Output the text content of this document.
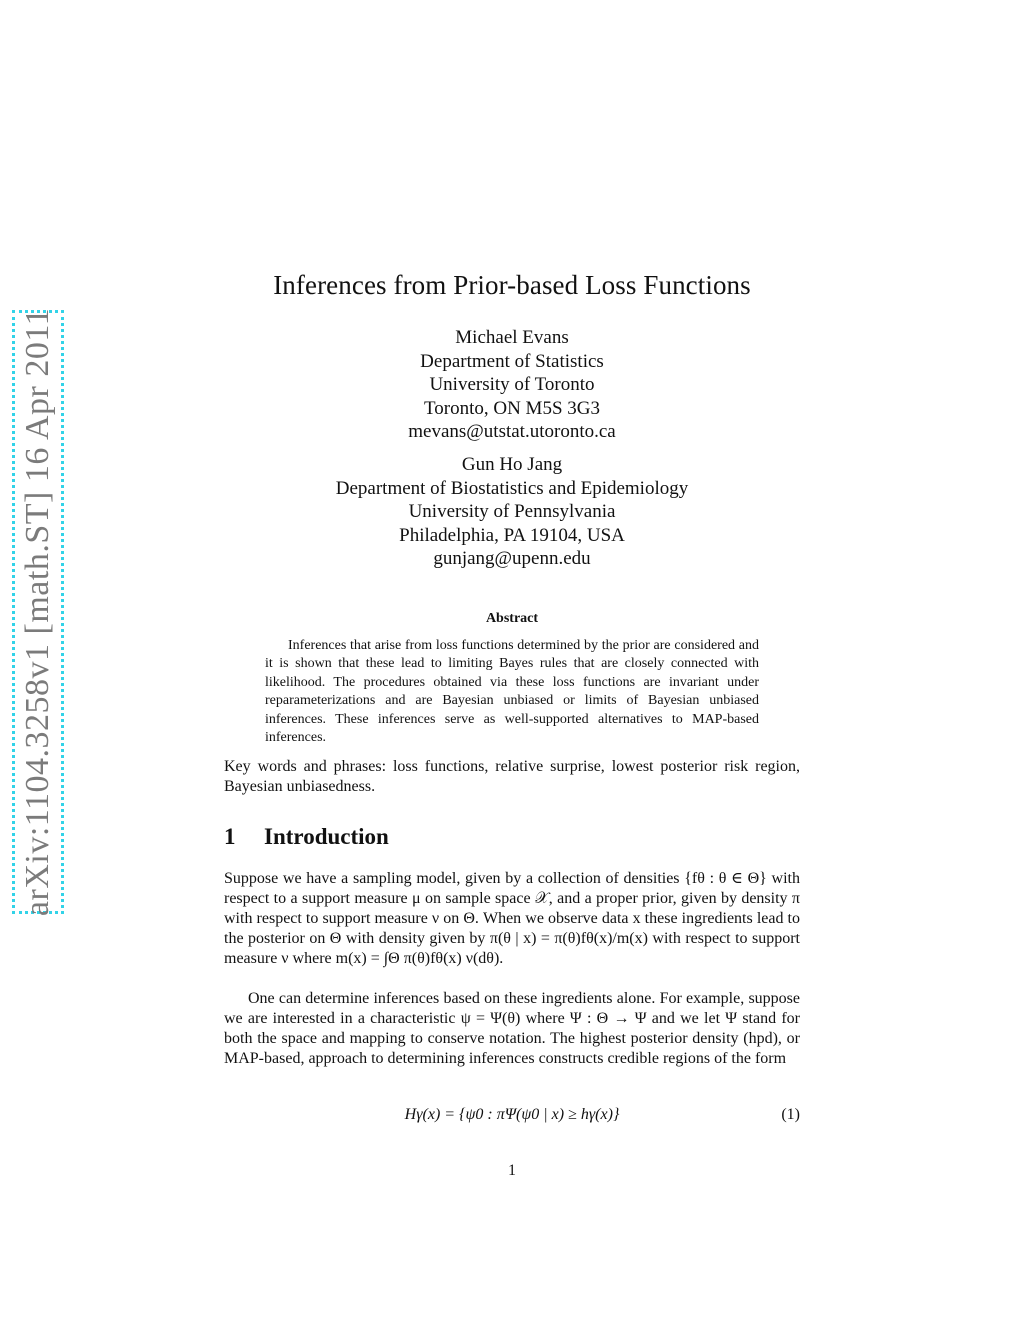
arXiv:1104.3258v1 [math.ST] 16 Apr 2011
Inferences from Prior-based Loss Functions
Michael Evans
Department of Statistics
University of Toronto
Toronto, ON M5S 3G3
mevans@utstat.utoronto.ca
Gun Ho Jang
Department of Biostatistics and Epidemiology
University of Pennsylvania
Philadelphia, PA 19104, USA
gunjang@upenn.edu
Abstract
Inferences that arise from loss functions determined by the prior are considered and it is shown that these lead to limiting Bayes rules that are closely connected with likelihood. The procedures obtained via these loss functions are invariant under reparameterizations and are Bayesian unbiased or limits of Bayesian unbiased inferences. These inferences serve as well-supported alternatives to MAP-based inferences.
Key words and phrases: loss functions, relative surprise, lowest posterior risk region, Bayesian unbiasedness.
1 Introduction
Suppose we have a sampling model, given by a collection of densities {fθ : θ ∈ Θ} with respect to a support measure μ on sample space 𝒳, and a proper prior, given by density π with respect to support measure ν on Θ. When we observe data x these ingredients lead to the posterior on Θ with density given by π(θ | x) = π(θ)fθ(x)/m(x) with respect to support measure ν where m(x) = ∫Θ π(θ)fθ(x) ν(dθ).
One can determine inferences based on these ingredients alone. For example, suppose we are interested in a characteristic ψ = Ψ(θ) where Ψ : Θ → Ψ and we let Ψ stand for both the space and mapping to conserve notation. The highest posterior density (hpd), or MAP-based, approach to determining inferences constructs credible regions of the form
Hγ(x) = {ψ0 : πΨ(ψ0 | x) ≥ hγ(x)}	(1)
1
